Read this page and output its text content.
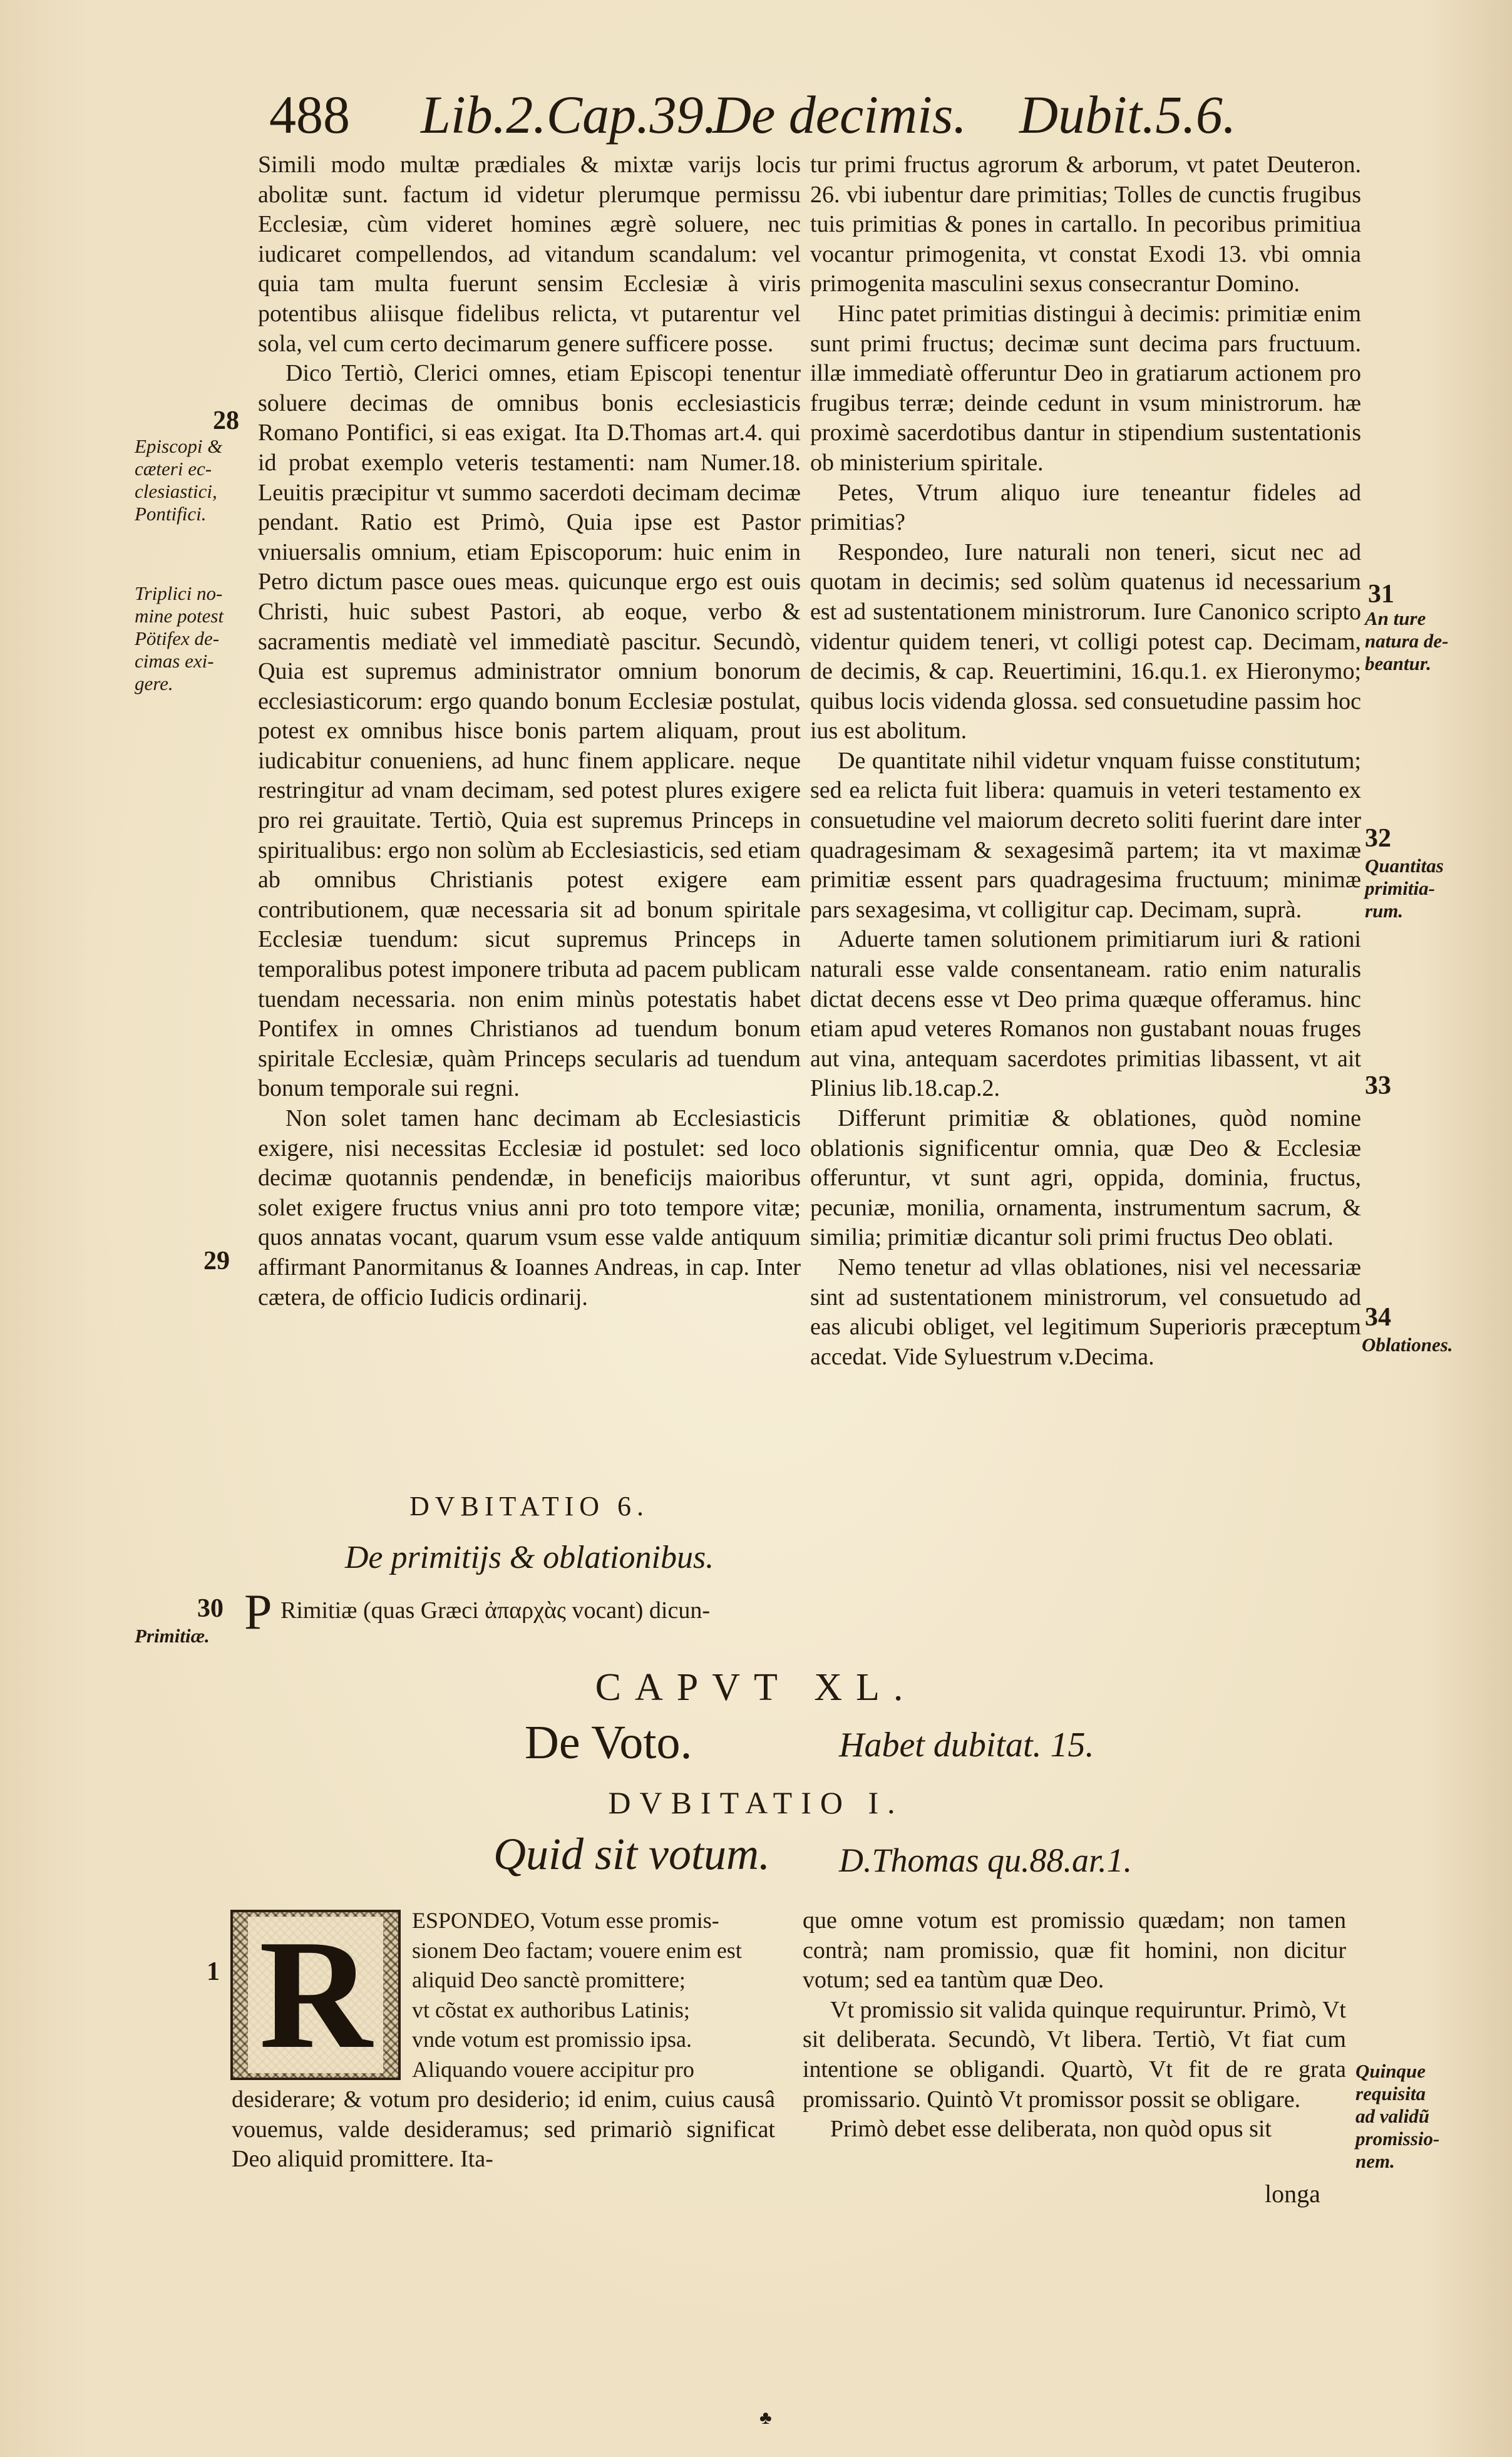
488 Lib.2.Cap.39.
De decimis. Dubit.5.6.

Simili modo multæ prædiales & mixtæ varijs locis abolitæ sunt. factum id videtur plerumque permissu Ecclesiæ, cùm videret homines ægrè soluere, nec iudicaret compellendos, ad vitandum scandalum: vel quia tam multa fuerunt sensim Ecclesiæ à viris potentibus aliisque fidelibus relicta, vt putarentur vel sola, vel cum certo decimarum genere sufficere posse.

Dico Tertiò, Clerici omnes, etiam Episcopi tenentur soluere decimas de omnibus bonis ecclesiasticis Romano Pontifici, si eas exigat. Ita D.Thomas art.4. qui id probat exemplo veteris testamenti: nam Numer.18. Leuitis præcipitur vt summo sacerdoti decimam decimæ pendant. Ratio est Primò, Quia ipse est Pastor vniuersalis omnium, etiam Episcoporum: huic enim in Petro dictum pasce oues meas. quicunque ergo est ouis Christi, huic subest Pastori, ab eoque, verbo & sacramentis mediatè vel immediatè pascitur. Secundò, Quia est supremus administrator omnium bonorum ecclesiasticorum: ergo quando bonum Ecclesiæ postulat, potest ex omnibus hisce bonis partem aliquam, prout iudicabitur conueniens, ad hunc finem applicare. neque restringitur ad vnam decimam, sed potest plures exigere pro rei grauitate. Tertiò, Quia est supremus Princeps in spiritualibus: ergo non solùm ab Ecclesiasticis, sed etiam ab omnibus Christianis potest exigere eam contributionem, quæ necessaria sit ad bonum spiritale Ecclesiæ tuendum: sicut supremus Princeps in temporalibus potest imponere tributa ad pacem publicam tuendam necessaria. non enim minùs potestatis habet Pontifex in omnes Christianos ad tuendum bonum spiritale Ecclesiæ, quàm Princeps secularis ad tuendum bonum temporale sui regni.

Non solet tamen hanc decimam ab Ecclesiasticis exigere, nisi necessitas Ecclesiæ id postulet: sed loco decimæ quotannis pendendæ, in beneficijs maioribus solet exigere fructus vnius anni pro toto tempore vitæ; quos annatas vocant, quarum vsum esse valde antiquum affirmant Panormitanus & Ioannes Andreas, in cap. Inter cætera, de officio Iudicis ordinarij.

DVBITATIO 6.
De primitijs & oblationibus.
P Rimitiæ (quas Græci ἀπαρχὰς vocant) dicun-

tur primi fructus agrorum & arborum, vt patet Deuteron. 26. vbi iubentur dare primitias; Tolles de cunctis frugibus tuis primitias & pones in cartallo. In pecoribus primitiua vocantur primogenita, vt constat Exodi 13. vbi omnia primogenita masculini sexus consecrantur Domino.

Hinc patet primitias distingui à decimis: primitiæ enim sunt primi fructus; decimæ sunt decima pars fructuum. illæ immediatè offeruntur Deo in gratiarum actionem pro frugibus terræ; deinde cedunt in vsum ministrorum. hæ proximè sacerdotibus dantur in stipendium sustentationis ob ministerium spiritale.

Petes, Vtrum aliquo iure teneantur fideles ad primitias?

Respondeo, Iure naturali non teneri, sicut nec ad quotam in decimis; sed solùm quatenus id necessarium est ad sustentationem ministrorum. Iure Canonico scripto videntur quidem teneri, vt colligi potest cap. Decimam, de decimis, & cap. Reuertimini, 16.qu.1. ex Hieronymo; quibus locis videnda glossa. sed consuetudine passim hoc ius est abolitum.

De quantitate nihil videtur vnquam fuisse constitutum; sed ea relicta fuit libera: quamuis in veteri testamento ex consuetudine vel maiorum decreto soliti fuerint dare inter quadragesimam & sexagesimã partem; ita vt maximæ primitiæ essent pars quadragesima fructuum; minimæ pars sexagesima, vt colligitur cap. Decimam, suprà.

Aduerte tamen solutionem primitiarum iuri & rationi naturali esse valde consentaneam. ratio enim naturalis dictat decens esse vt Deo prima quæque offeramus. hinc etiam apud veteres Romanos non gustabant nouas fruges aut vina, antequam sacerdotes primitias libassent, vt ait Plinius lib.18.cap.2.

Differunt primitiæ & oblationes, quòd nomine oblationis significentur omnia, quæ Deo & Ecclesiæ offeruntur, vt sunt agri, oppida, dominia, fructus, pecuniæ, monilia, ornamenta, instrumentum sacrum, & similia; primitiæ dicantur soli primi fructus Deo oblati.

Nemo tenetur ad vllas oblationes, nisi vel necessariæ sint ad sustentationem ministrorum, vel consuetudo ad eas alicubi obliget, vel legitimum Superioris præceptum accedat. Vide Syluestrum v.Decima.

CAPVT XL.
De Voto.	Habet dubitat. 15.
DVBITATIO I.
Quid sit votum. D.Thomas qu.88.ar.1.
R	ESPONDEO, Votum esse promis-

sionem Deo factam; vouere enim est

aliquid Deo sanctè promittere;

vt cõstat ex authoribus Latinis;

vnde votum est promissio ipsa.

Aliquando vouere accipitur pro

desiderare; & votum pro desiderio; id enim, cuius causâ vouemus, valde desideramus; sed primariò significat Deo aliquid promittere. Ita-

que omne votum est promissio quædam; non tamen contrà; nam promissio, quæ fit homini, non dicitur votum; sed ea tantùm quæ Deo.

Vt promissio sit valida quinque requiruntur. Primò, Vt sit deliberata. Secundò, Vt libera. Tertiò, Vt fiat cum intentione se obligandi. Quartò, Vt fit de re grata promissario. Quintò Vt promissor possit se obligare.

Primò debet esse deliberata, non quòd opus sit

longa
28
Episcopi &
cæteri ec-
clesiastici,
Pontifici.
Triplici no-
mine potest
Pötifex de-
cimas exi-
gere.
29
30
Primitiæ.
1
31
An ture
natura de-
beantur.
32
Quantitas
primitia-
rum.
33
34
Oblationes.
Quinque
requisita
ad validũ
promissio-
nem.
♣
